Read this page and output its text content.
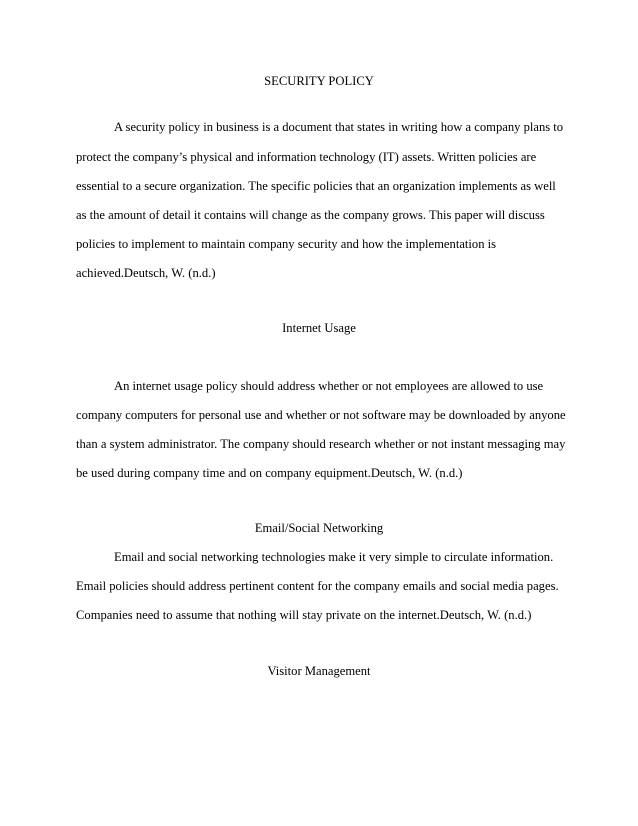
SECURITY POLICY
A security policy in business is a document that states in writing how a company plans to
protect the company’s physical and information technology (IT) assets. Written policies are
essential to a secure organization. The specific policies that an organization implements as well
as the amount of detail it contains will change as the company grows. This paper will discuss
policies to implement to maintain company security and how the implementation is
achieved.Deutsch, W. (n.d.)
Internet Usage
An internet usage policy should address whether or not employees are allowed to use
company computers for personal use and whether or not software may be downloaded by anyone
than a system administrator. The company should research whether or not instant messaging may
be used during company time and on company equipment.Deutsch, W. (n.d.)
Email/Social Networking
Email and social networking technologies make it very simple to circulate information.
Email policies should address pertinent content for the company emails and social media pages.
Companies need to assume that nothing will stay private on the internet.Deutsch, W. (n.d.)
Visitor Management
